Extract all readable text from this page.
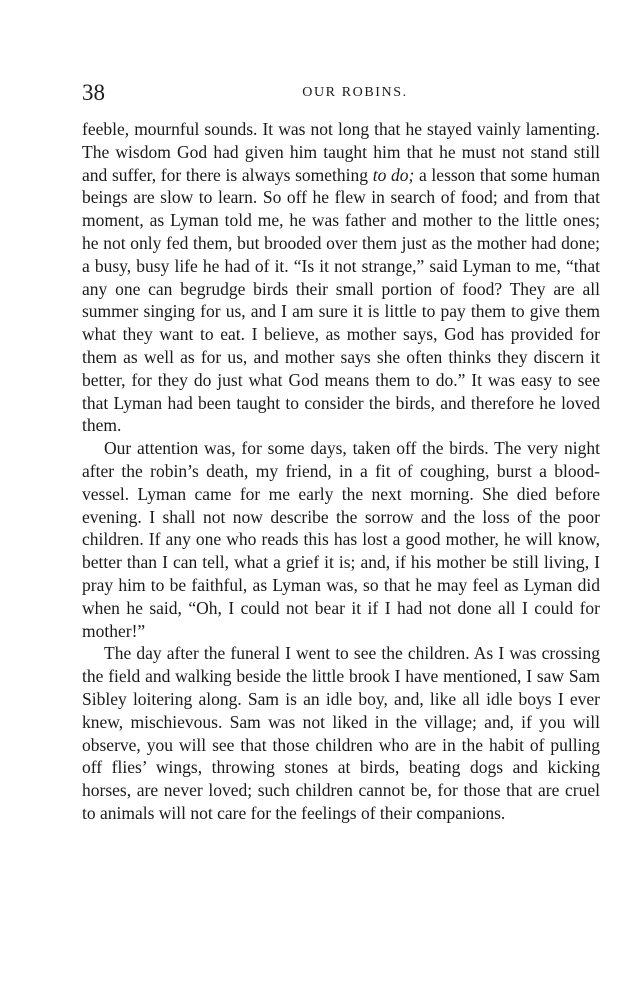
38	OUR ROBINS.

feeble, mournful sounds. It was not long that he stayed vainly lamenting. The wisdom God had given him taught him that he must not stand still and suffer, for there is always something to do; a lesson that some human beings are slow to learn. So off he flew in search of food; and from that moment, as Lyman told me, he was father and mother to the little ones; he not only fed them, but brooded over them just as the mother had done; a busy, busy life he had of it. “Is it not strange,” said Lyman to me, “that any one can begrudge birds their small portion of food? They are all summer singing for us, and I am sure it is little to pay them to give them what they want to eat. I believe, as mother says, God has provided for them as well as for us, and mother says she often thinks they discern it better, for they do just what God means them to do.” It was easy to see that Lyman had been taught to consider the birds, and therefore he loved them.

Our attention was, for some days, taken off the birds. The very night after the robin’s death, my friend, in a fit of coughing, burst a blood-vessel. Lyman came for me early the next morning. She died before evening. I shall not now describe the sorrow and the loss of the poor children. If any one who reads this has lost a good mother, he will know, better than I can tell, what a grief it is; and, if his mother be still living, I pray him to be faithful, as Lyman was, so that he may feel as Lyman did when he said, “Oh, I could not bear it if I had not done all I could for mother!”

The day after the funeral I went to see the children. As I was crossing the field and walking beside the little brook I have mentioned, I saw Sam Sibley loitering along. Sam is an idle boy, and, like all idle boys I ever knew, mischievous. Sam was not liked in the village; and, if you will observe, you will see that those children who are in the habit of pulling off flies’ wings, throwing stones at birds, beating dogs and kicking horses, are never loved; such children cannot be, for those that are cruel to animals will not care for the feelings of their companions.
